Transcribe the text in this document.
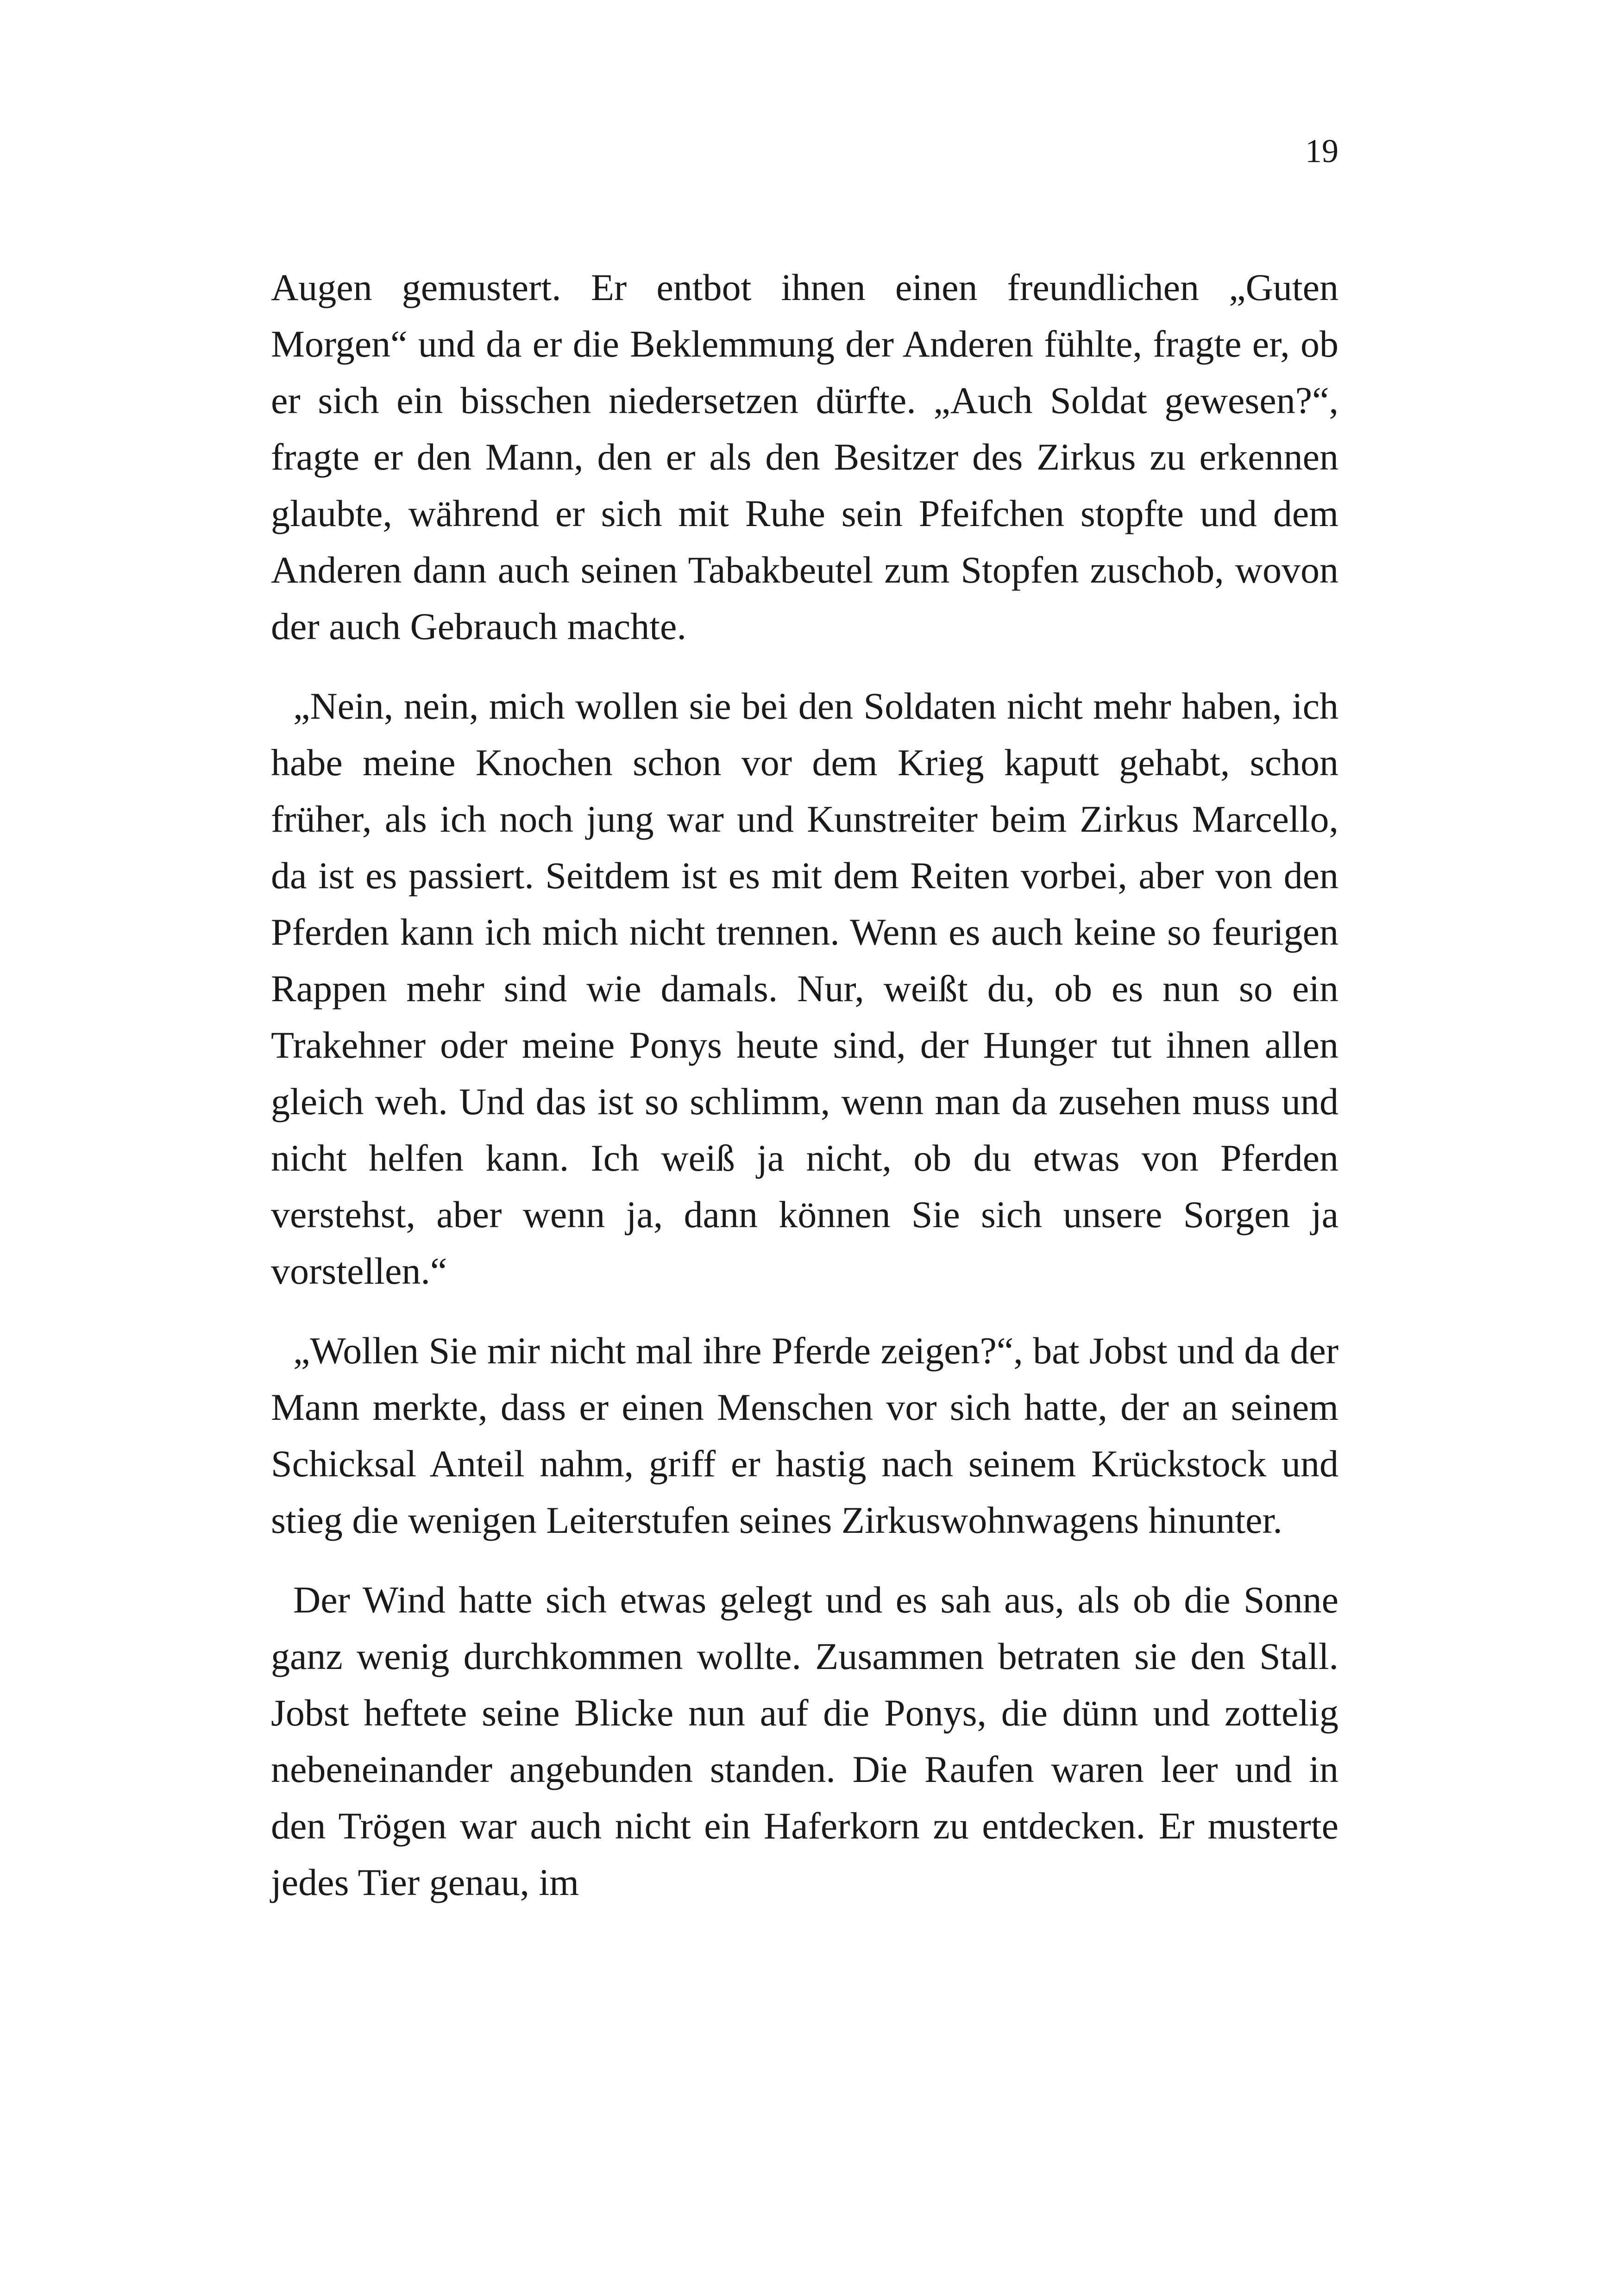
19

Augen gemustert. Er entbot ihnen einen freundlichen „Guten Morgen“ und da er die Beklemmung der Anderen fühlte, fragte er, ob er sich ein bisschen niedersetzen dürfte. „Auch Soldat gewesen?“, fragte er den Mann, den er als den Besitzer des Zirkus zu erkennen glaubte, während er sich mit Ruhe sein Pfeifchen stopfte und dem Anderen dann auch seinen Tabakbeutel zum Stopfen zuschob, wovon der auch Gebrauch machte.

„Nein, nein, mich wollen sie bei den Soldaten nicht mehr haben, ich habe meine Knochen schon vor dem Krieg kaputt gehabt, schon früher, als ich noch jung war und Kunstreiter beim Zirkus Marcello, da ist es passiert. Seitdem ist es mit dem Reiten vorbei, aber von den Pferden kann ich mich nicht trennen. Wenn es auch keine so feurigen Rappen mehr sind wie damals. Nur, weißt du, ob es nun so ein Trakehner oder meine Ponys heute sind, der Hunger tut ihnen allen gleich weh. Und das ist so schlimm, wenn man da zusehen muss und nicht helfen kann. Ich weiß ja nicht, ob du etwas von Pferden verstehst, aber wenn ja, dann können Sie sich unsere Sorgen ja vorstellen.“

„Wollen Sie mir nicht mal ihre Pferde zeigen?“, bat Jobst und da der Mann merkte, dass er einen Menschen vor sich hatte, der an seinem Schicksal Anteil nahm, griff er hastig nach seinem Krückstock und stieg die wenigen Leiterstufen seines Zirkuswohnwagens hinunter.

Der Wind hatte sich etwas gelegt und es sah aus, als ob die Sonne ganz wenig durchkommen wollte. Zusammen betraten sie den Stall. Jobst heftete seine Blicke nun auf die Ponys, die dünn und zottelig nebeneinander angebunden standen. Die Raufen waren leer und in den Trögen war auch nicht ein Haferkorn zu entdecken. Er musterte jedes Tier genau, im
